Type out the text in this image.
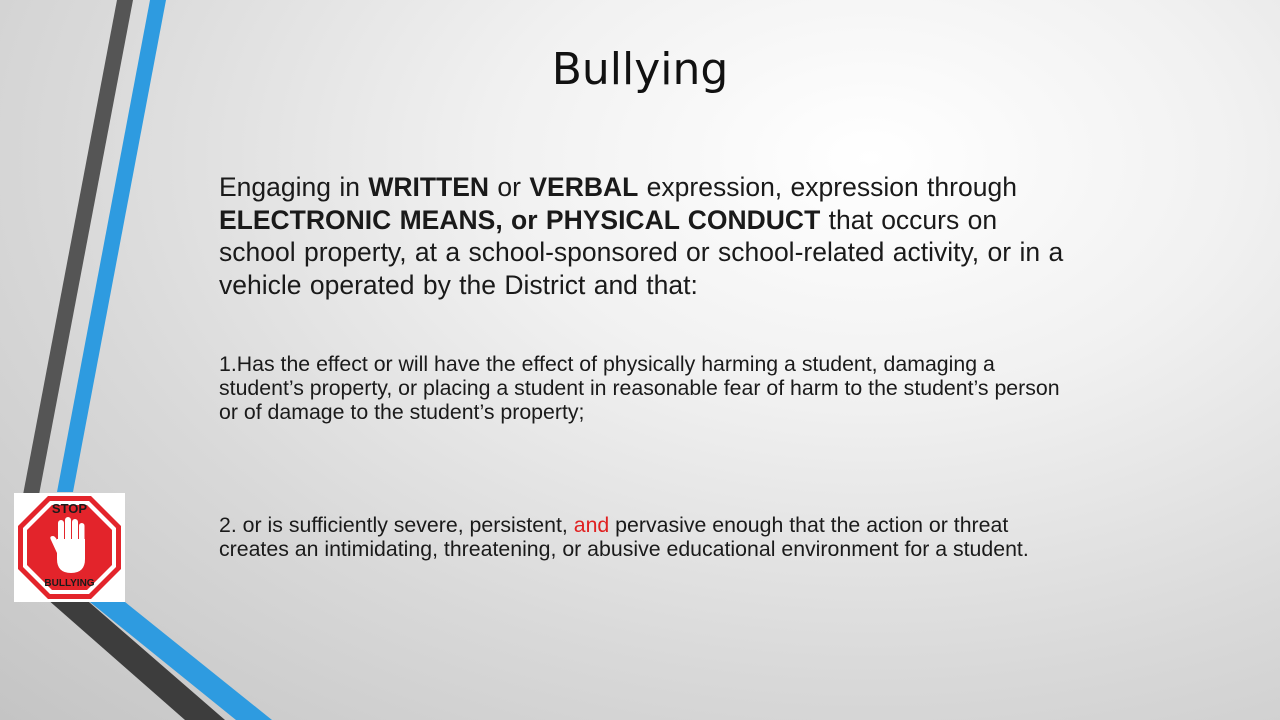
Bullying

Engaging in WRITTEN or VERBAL expression, expression through ELECTRONIC MEANS, or PHYSICAL CONDUCT that occurs on school property, at a school-sponsored or school-related activity, or in a vehicle operated by the District and that:

1.Has the effect or will have the effect of physically harming a student, damaging a student’s property, or placing a student in reasonable fear of harm to the student’s person or of damage to the student’s property;

2. or is sufficiently severe, persistent, and pervasive enough that the action or threat creates an intimidating, threatening, or abusive educational environment for a student.

STOP
BULLYING
